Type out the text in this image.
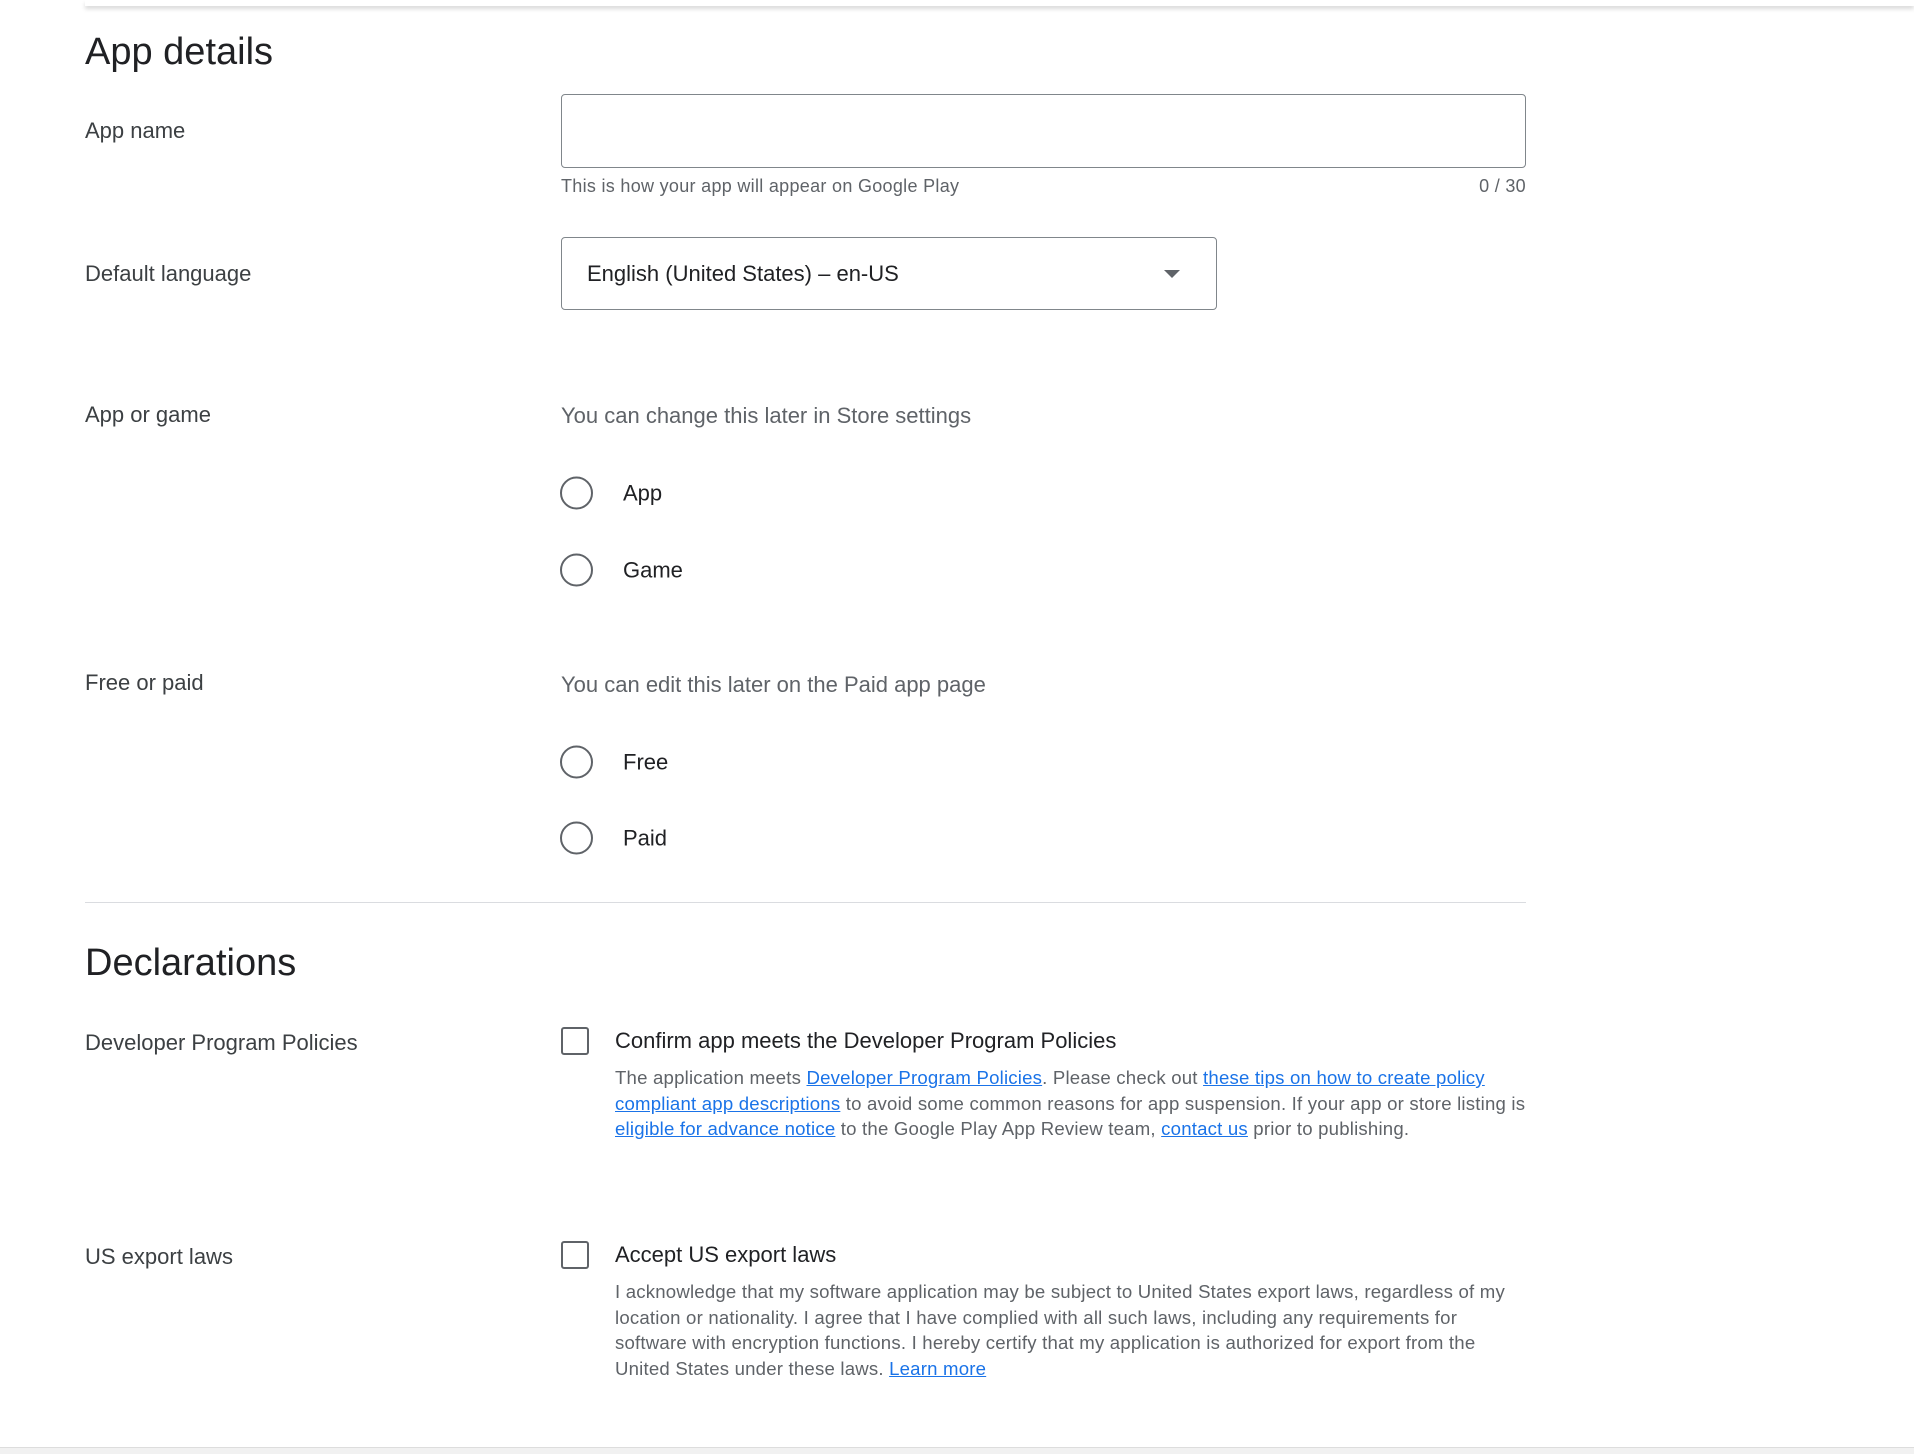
App details
App name
This is how your app will appear on Google Play	0 / 30
Default language	English (United States) – en-US
App or game	You can change this later in Store settings
App
Game
Free or paid	You can edit this later on the Paid app page
Free
Paid
Declarations
Developer Program Policies	Confirm app meets the Developer Program Policies
The application meets Developer Program Policies. Please check out these tips on how to create policy compliant app descriptions to avoid some common reasons for app suspension. If your app or store listing is eligible for advance notice to the Google Play App Review team, contact us prior to publishing.
US export laws	Accept US export laws
I acknowledge that my software application may be subject to United States export laws, regardless of my location or nationality. I agree that I have complied with all such laws, including any requirements for software with encryption functions. I hereby certify that my application is authorized for export from the United States under these laws. Learn more
